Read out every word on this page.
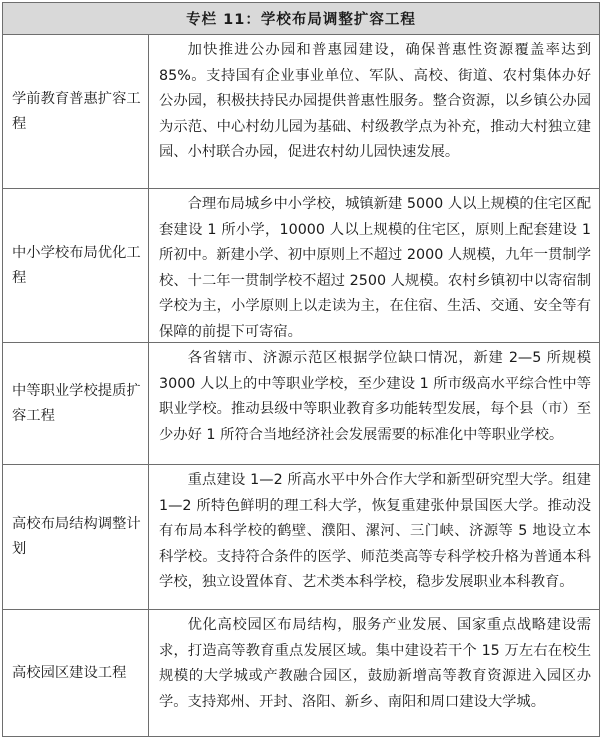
专栏 11：学校布局调整扩容工程
学前教育普惠扩容工程
加快推进公办园和普惠园建设，确保普惠性资源覆盖率达到 85%。支持国有企业事业单位、军队、高校、街道、农村集体办好公办园，积极扶持民办园提供普惠性服务。整合资源，以乡镇公办园为示范、中心村幼儿园为基础、村级教学点为补充，推动大村独立建园、小村联合办园，促进农村幼儿园快速发展。
中小学校布局优化工程
合理布局城乡中小学校，城镇新建 5000 人以上规模的住宅区配套建设 1 所小学，10000 人以上规模的住宅区，原则上配套建设 1 所初中。新建小学、初中原则上不超过 2000 人规模，九年一贯制学校、十二年一贯制学校不超过 2500 人规模。农村乡镇初中以寄宿制学校为主，小学原则上以走读为主，在住宿、生活、交通、安全等有保障的前提下可寄宿。
中等职业学校提质扩容工程
各省辖市、济源示范区根据学位缺口情况，新建 2—5 所规模 3000 人以上的中等职业学校，至少建设 1 所市级高水平综合性中等职业学校。推动县级中等职业教育多功能转型发展，每个县（市）至少办好 1 所符合当地经济社会发展需要的标准化中等职业学校。
高校布局结构调整计划
重点建设 1—2 所高水平中外合作大学和新型研究型大学。组建 1—2 所特色鲜明的理工科大学，恢复重建张仲景国医大学。推动没有布局本科学校的鹤壁、濮阳、漯河、三门峡、济源等 5 地设立本科学校。支持符合条件的医学、师范类高等专科学校升格为普通本科学校，独立设置体育、艺术类本科学校，稳步发展职业本科教育。
高校园区建设工程
优化高校园区布局结构，服务产业发展、国家重点战略建设需求，打造高等教育重点发展区域。集中建设若干个 15 万左右在校生规模的大学城或产教融合园区，鼓励新增高等教育资源进入园区办学。支持郑州、开封、洛阳、新乡、南阳和周口建设大学城。
